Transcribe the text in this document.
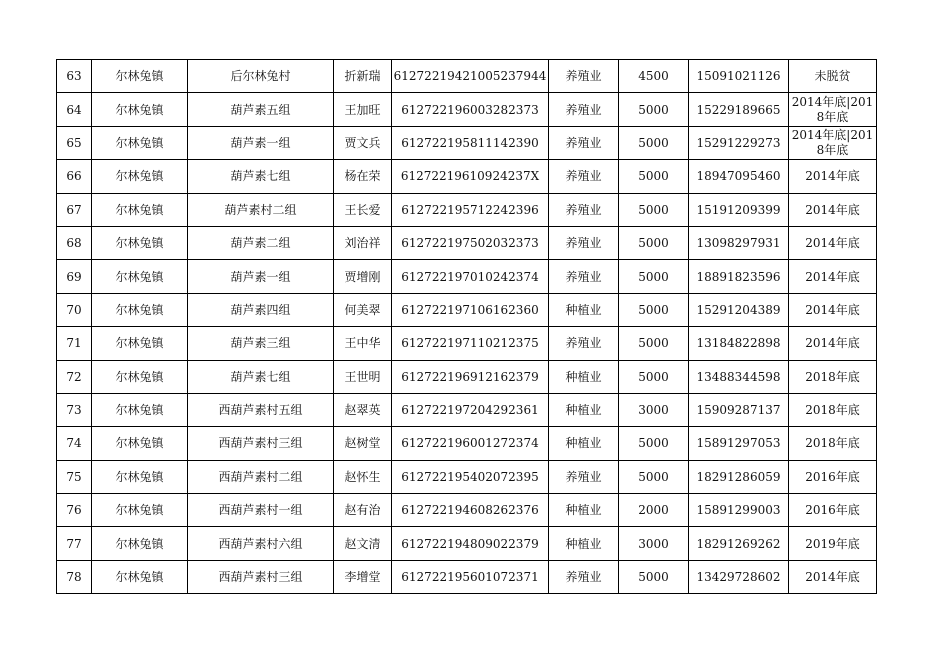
63	尔林兔镇	后尔林兔村	折新瑞	61272219421005237944	养殖业	4500	15091021126	未脱贫
64	尔林兔镇	葫芦素五组	王加旺	612722196003282373	养殖业	5000	15229189665	2014年底|2018年底
65	尔林兔镇	葫芦素一组	贾文兵	612722195811142390	养殖业	5000	15291229273	2014年底|2018年底
66	尔林兔镇	葫芦素七组	杨在荣	61272219610924237X	养殖业	5000	18947095460	2014年底
67	尔林兔镇	葫芦素村二组	王长爱	612722195712242396	养殖业	5000	15191209399	2014年底
68	尔林兔镇	葫芦素二组	刘治祥	612722197502032373	养殖业	5000	13098297931	2014年底
69	尔林兔镇	葫芦素一组	贾增刚	612722197010242374	养殖业	5000	18891823596	2014年底
70	尔林兔镇	葫芦素四组	何美翠	612722197106162360	种植业	5000	15291204389	2014年底
71	尔林兔镇	葫芦素三组	王中华	612722197110212375	养殖业	5000	13184822898	2014年底
72	尔林兔镇	葫芦素七组	王世明	612722196912162379	种植业	5000	13488344598	2018年底
73	尔林兔镇	西葫芦素村五组	赵翠英	612722197204292361	种植业	3000	15909287137	2018年底
74	尔林兔镇	西葫芦素村三组	赵树堂	612722196001272374	种植业	5000	15891297053	2018年底
75	尔林兔镇	西葫芦素村二组	赵怀生	612722195402072395	养殖业	5000	18291286059	2016年底
76	尔林兔镇	西葫芦素村一组	赵有治	612722194608262376	种植业	2000	15891299003	2016年底
77	尔林兔镇	西葫芦素村六组	赵文清	612722194809022379	种植业	3000	18291269262	2019年底
78	尔林兔镇	西葫芦素村三组	李增堂	612722195601072371	养殖业	5000	13429728602	2014年底
